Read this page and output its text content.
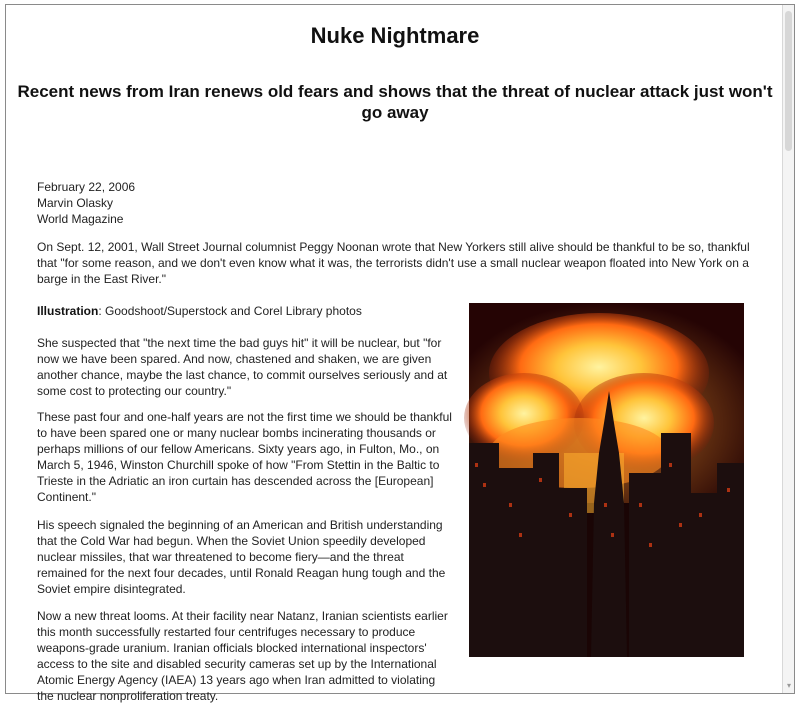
Nuke Nightmare
Recent news from Iran renews old fears and shows that the threat of nuclear attack just won't go away
February 22, 2006
Marvin Olasky
World Magazine
On Sept. 12, 2001, Wall Street Journal columnist Peggy Noonan wrote that New Yorkers still alive should be thankful to be so, thankful that "for some reason, and we don't even know what it was, the terrorists didn't use a small nuclear weapon floated into New York on a barge in the East River."
Illustration: Goodshoot/Superstock and Corel Library photos
She suspected that "the next time the bad guys hit" it will be nuclear, but "for now we have been spared. And now, chastened and shaken, we are given another chance, maybe the last chance, to commit ourselves seriously and at some cost to protecting our country."
These past four and one-half years are not the first time we should be thankful to have been spared one or many nuclear bombs incinerating thousands or perhaps millions of our fellow Americans. Sixty years ago, in Fulton, Mo., on March 5, 1946, Winston Churchill spoke of how "From Stettin in the Baltic to Trieste in the Adriatic an iron curtain has descended across the [European] Continent."
His speech signaled the beginning of an American and British understanding that the Cold War had begun. When the Soviet Union speedily developed nuclear missiles, that war threatened to become fiery—and the threat remained for the next four decades, until Ronald Reagan hung tough and the Soviet empire disintegrated.
Now a new threat looms. At their facility near Natanz, Iranian scientists earlier this month successfully restarted four centrifuges necessary to produce weapons-grade uranium. Iranian officials blocked international inspectors' access to the site and disabled security cameras set up by the International Atomic Energy Agency (IAEA) 13 years ago when Iran admitted to violating the nuclear nonproliferation treaty.
▾
